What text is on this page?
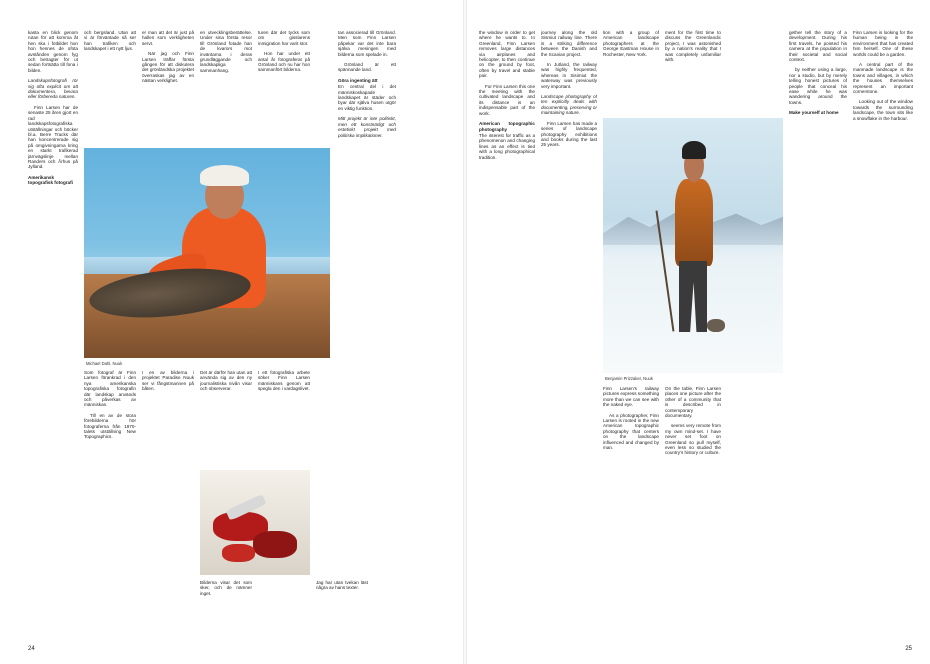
kasta en blick genom rutan för att komma åt hen ska i fotbildet hon hon hennes de ofota avstånden genom fyg och betragter för ut sedan fortsätta till fona i bilden.

Landskapsfotografi rör sig ofta explicit om att dokumentera, bevara eller förbereda naturen.

Finn Larsen har de senaste 25 åren gjort en rad landskapsfotografiska utställningar och böcker bl.a. Berre Tracks där han koncentrerade sig på omgivningarna kring en starkt trafikerad järnvägslinje mellan Randers och Århus på Jylland.

Amerikansk topografisk fotografi

Michael Dahl, Nuuk

och bergsland. Utan att vi är förväntade så ser han trafiken och landskapet i ett nytt ljus.

Som fotograf är Finn Larsen förankrad i den nya amerikanska topografiska fotografin där landskap används och påverkas av människan.

Till en av de stora förebilderna hör fotograferna från 1970-talets utställning New Topographics.

er man att det är just på hallen som verkligheten servt.

När jag och Finn Larsen träffar första gången för att diskutera det grönländska projektet överraskas jag av en nästan verklighet.

I en av bilderna i projektet Paradise Nuuk ser vi fångstmannen på båten.

en utvecklingsberättelse. Under sina första resor till Grönland fotade han de kvarors mot inväntarna i deras grundläggande och landskapliga sammanhang.

Det är därför han utan att använda sig av den ny journalistiska nivån visar och observerar.

Bilderna visar det som sker, och de nämner inget.

turen där det tycks som om gisslarens inmigration har varit stor.

Hon har under ett antal år fotograferat på Grönland och nu har hon sammanfört bilderna.

I ett fotografiska arbete söker Finn Larsen människans genom att spegla den i vardagslivet.

Jag har utan tvekan läst några av hans texter.

tan associerad till Grönland. Men som Finn Larsen påpekar var det inte bara själva meningen med bilderna som spelade in.

Grönland är ett spännande land.

Göra ingenting ätt

En central del i det människoskapade landskapet är städer och byar där själva husen utgör en viktig funktion.

Mitt projekt är inte politiskt, men ett konstnärligt och estetiskt projekt med politiska implikationer.

24

the window in order to get where he wants to. In Greenland, Finn Larsen removes large distances via airplanes and helicopter, to then continue on the ground by foot, often by travel and stable pair.

For Finn Larsen this one the meeting with the cultivated landscape and its distance is an indispensable part of the work.

American topographic photography

The interest for traffic as a phenomenon and changing lines as an effect is tied with a long photographical tradition.

journey along the old Sismiut railway line. There is a striking difference between the Danish and the Scanian project.

In Jutland, the railway was highly frequented, whereas in Sisimiut the waterway was previously very important.

Landscape photography of ten explicitly deals with documenting, preserving or maintaining nature.

Finn Larsen has made a series of landscape photography exhibitions and books during the last 25 years.

tion with a group of American landscape photographers at the George Eastman House in Rochester, New York.

Benjamin Prizzaker, Nuuk

Finn Larsen's railway pictures express something more than we can see with the naked eye.

As a photographer, Finn Larsen is rooted in the new American topographic photography that centers on the landscape influenced and changed by man.

ment for the first time to discuss the Greenlandic project, I was astonished by a nation's reality that I was completely unfamiliar with.

On the table, Finn Larsen places one picture after the other of a community that is described in contemporary documentary.

seems very remote from my own mind-set. I have never set foot on Greenland so pull myself, even less so studied the country's history or culture.

gether tell the story of a development. During his first travels, he pointed his camera at the population in their societal and social context.

by neither using a large, nor a studio, but by merely telling honest pictures of people that conceal his ease while he was wandering around the towns.

Make yourself at home

Finn Larsen is looking for the human being in the environment that has created him herself. One of these worlds could be a garden.

A central part of the manmade landscape is the towns and villages, in which the houses themselves represent an important cornerstone.

Looking out of the window towards the surrounding landscape, the town sits like a snowflake in the harbour.

25
